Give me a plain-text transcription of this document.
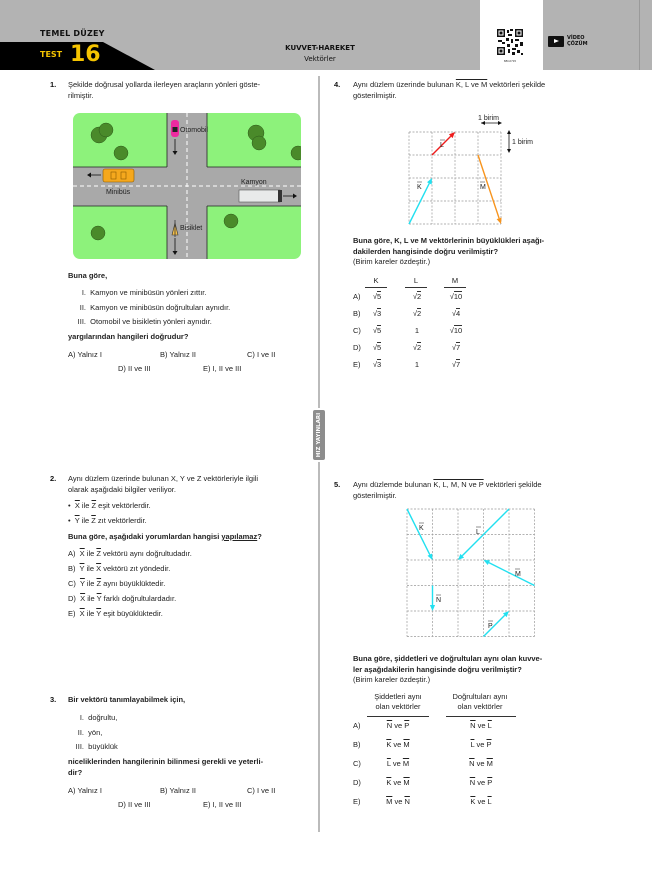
TEMEL DÜZEY
TEST 16	KUVVET-HAREKET
Vektörler	88C2715
VİDEO
ÇÖZÜM
HIZ YAYINLARI
1. Şekilde doğrusal yollarda ilerleyen araçların yönleri göste-
rilmiştir.
Otomobil
Minibüs
Kamyon
Bisiklet
Buna göre,
I. Kamyon ve minibüsün yönleri zıttır.
II. Kamyon ve minibüsün doğrultuları aynıdır.
III. Otomobil ve bisikletin yönleri aynıdır.
yargılarından hangileri doğrudur?
A) Yalnız I	B) Yalnız II	C) I ve II
D) II ve III	E) I, II ve III
2. Aynı düzlem üzerinde bulunan X, Y ve Z vektörleriyle ilgili
olarak aşağıdaki bilgiler veriliyor.
• $\overline{X}$ ile $\overline{Z}$ eşit vektörlerdir.
• $\overline{Y}$ ile $\overline{Z}$ zıt vektörlerdir.
Buna göre, aşağıdaki yorumlardan hangisi yapılamaz?
A)  $\overline{X}$ ile $\overline{Z}$ vektörü aynı doğrultudadır.
B)  $\overline{Y}$ ile $\overline{X}$ vektörü zıt yöndedir.
C)  $\overline{Y}$ ile $\overline{Z}$ aynı büyüklüktedir.
D)  $\overline{X}$ ile $\overline{Y}$ farklı doğrultulardadır.
E)  $\overline{X}$ ile $\overline{Y}$ eşit büyüklüktedir.
3. Bir vektörü tanımlayabilmek için,
I. doğrultu,
II. yön,
III. büyüklük
niceliklerinden hangilerinin bilinmesi gerekli ve yeterli-
dir?
A) Yalnız I	B) Yalnız II	C) I ve II
D) II ve III	E) I, II ve III
4. Aynı düzlem üzerinde bulunan K, L ve M vektörleri şekilde
gösterilmiştir.
K
L
M
1 birim
1 birim
Buna göre, K, L ve M vektörlerinin büyüklükleri aşağı-
dakilerden hangisinde doğru verilmiştir?
(Birim kareler özdeştir.)
K	L	M
A)	√5	√2	√10
B)	√3	√2	√4
C)	√5	1	√10
D)	√5	√2	√7
E)	√3	1	√7
5. Aynı düzlemde bulunan K, L, M, N ve P vektörleri şekilde
gösterilmiştir.
K
L
M
N
P
Buna göre, şiddetleri ve doğrultuları aynı olan kuvve-
ler aşağıdakilerin hangisinde doğru verilmiştir?
(Birim kareler özdeştir.)
Şiddetleri aynı
olan vektörler
Doğrultuları aynı
olan vektörler
A)	$\overline{N}$ ve $\overline{P}$	$\overline{N}$ ve $\overline{L}$
B)	$\overline{K}$ ve $\overline{M}$	$\overline{L}$ ve $\overline{P}$
C)	$\overline{L}$ ve $\overline{M}$	$\overline{N}$ ve $\overline{M}$
D)	$\overline{K}$ ve $\overline{M}$	$\overline{N}$ ve $\overline{P}$
E)	$\overline{M}$ ve $\overline{N}$	$\overline{K}$ ve $\overline{L}$
